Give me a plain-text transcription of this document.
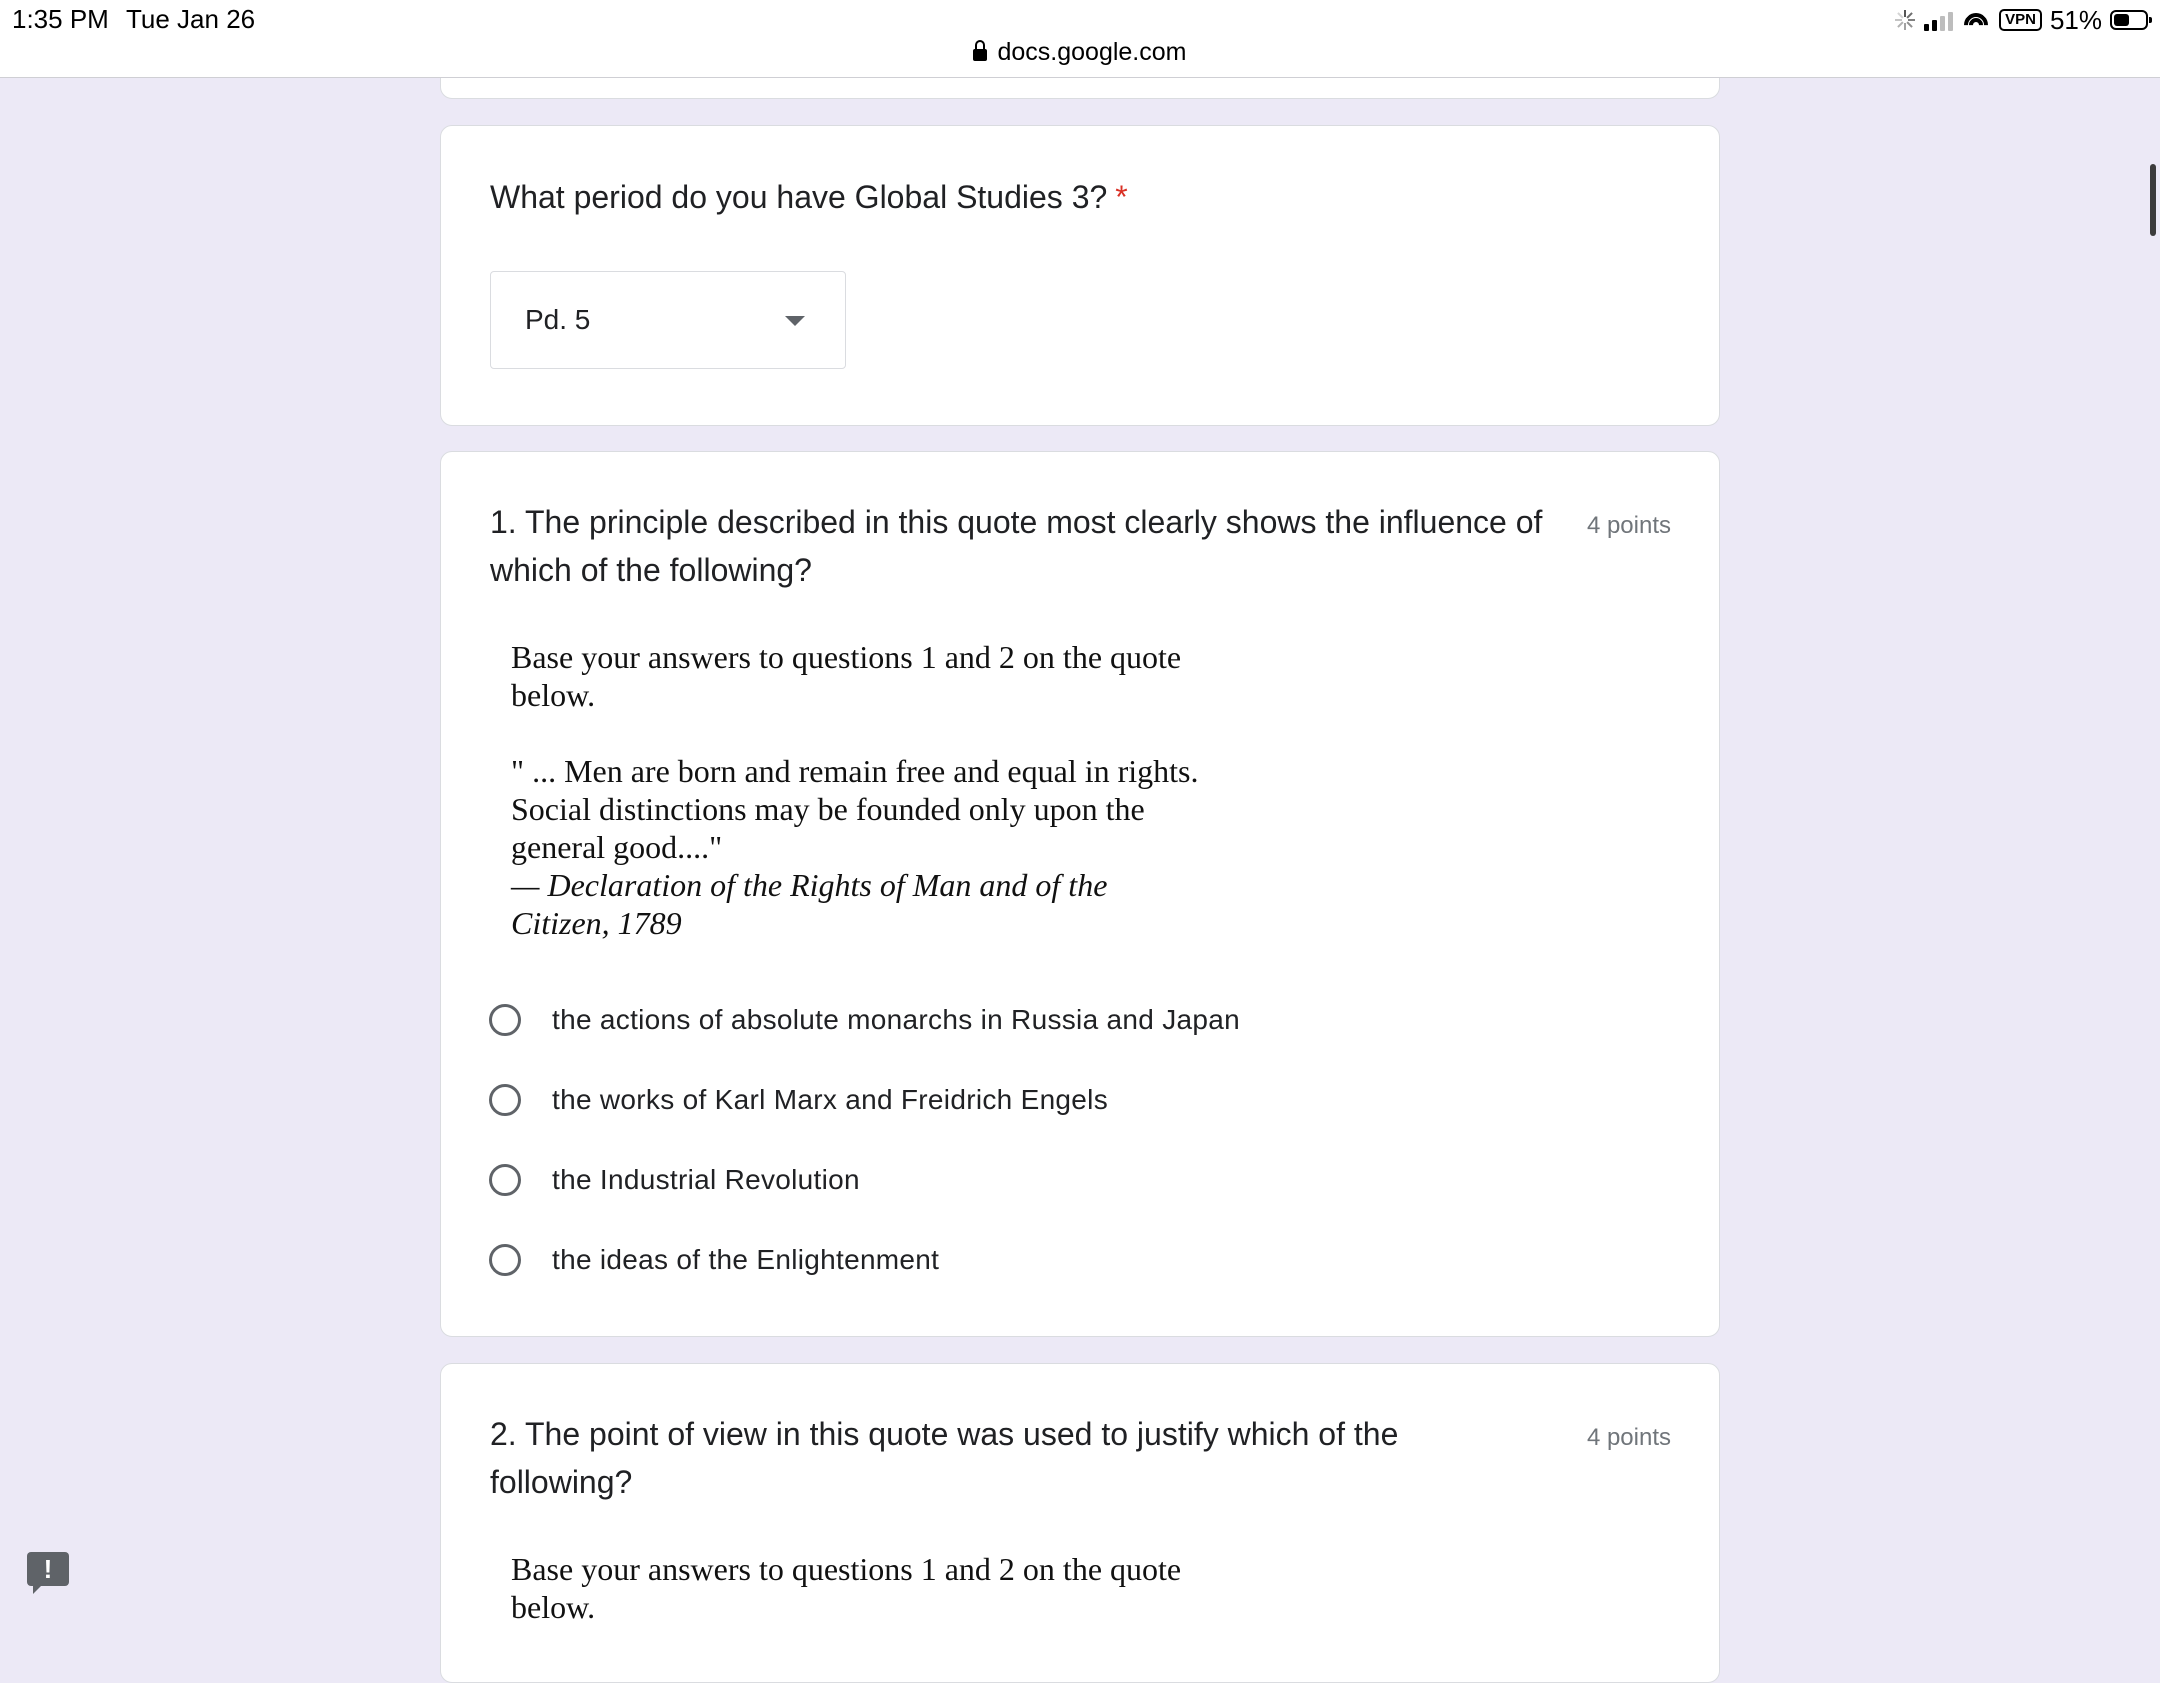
1:35 PM Tue Jan 26
docs.google.com
VPN 51%
What period do you have Global Studies 3? *
Pd. 5
1. The principle described in this quote most clearly shows the influence of which of the following?
4 points
Base your answers to questions 1 and 2 on the quote
below.
" ... Men are born and remain free and equal in rights.
Social distinctions may be founded only upon the
general good...."
— Declaration of the Rights of Man and of the
Citizen, 1789
the actions of absolute monarchs in Russia and Japan
the works of Karl Marx and Freidrich Engels
the Industrial Revolution
the ideas of the Enlightenment
2. The point of view in this quote was used to justify which of the following?
4 points
Base your answers to questions 1 and 2 on the quote
below.
!
